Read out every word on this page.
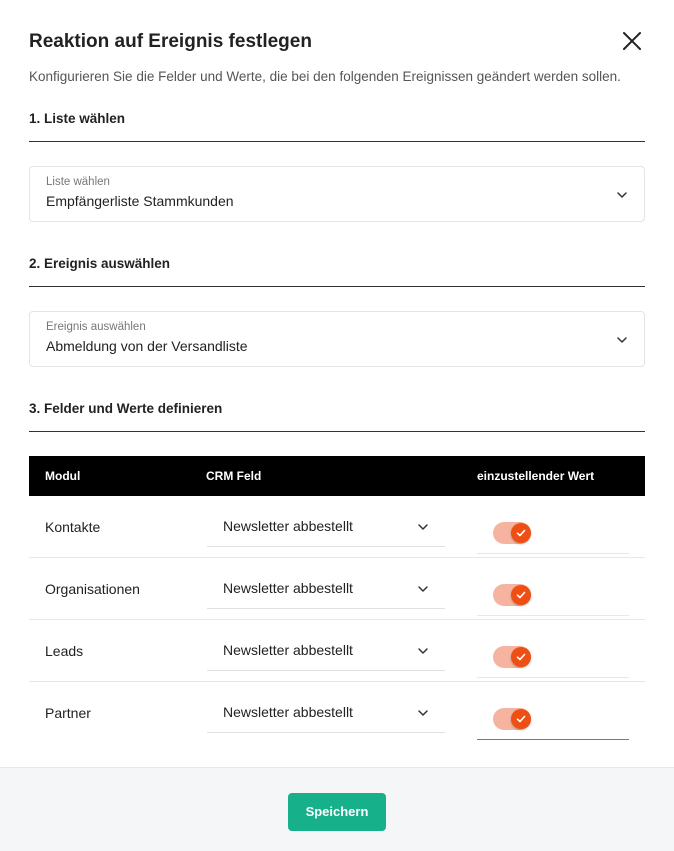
Reaktion auf Ereignis festlegen
Konfigurieren Sie die Felder und Werte, die bei den folgenden Ereignissen geändert werden sollen.
1. Liste wählen
Liste wählen
Empfängerliste Stammkunden
2. Ereignis auswählen
Ereignis auswählen
Abmeldung von der Versandliste
3. Felder und Werte definieren
Modul	CRM Feld	einzustellender Wert
Kontakte	Newsletter abbestellt
Organisationen	Newsletter abbestellt
Leads	Newsletter abbestellt
Partner	Newsletter abbestellt
Speichern
